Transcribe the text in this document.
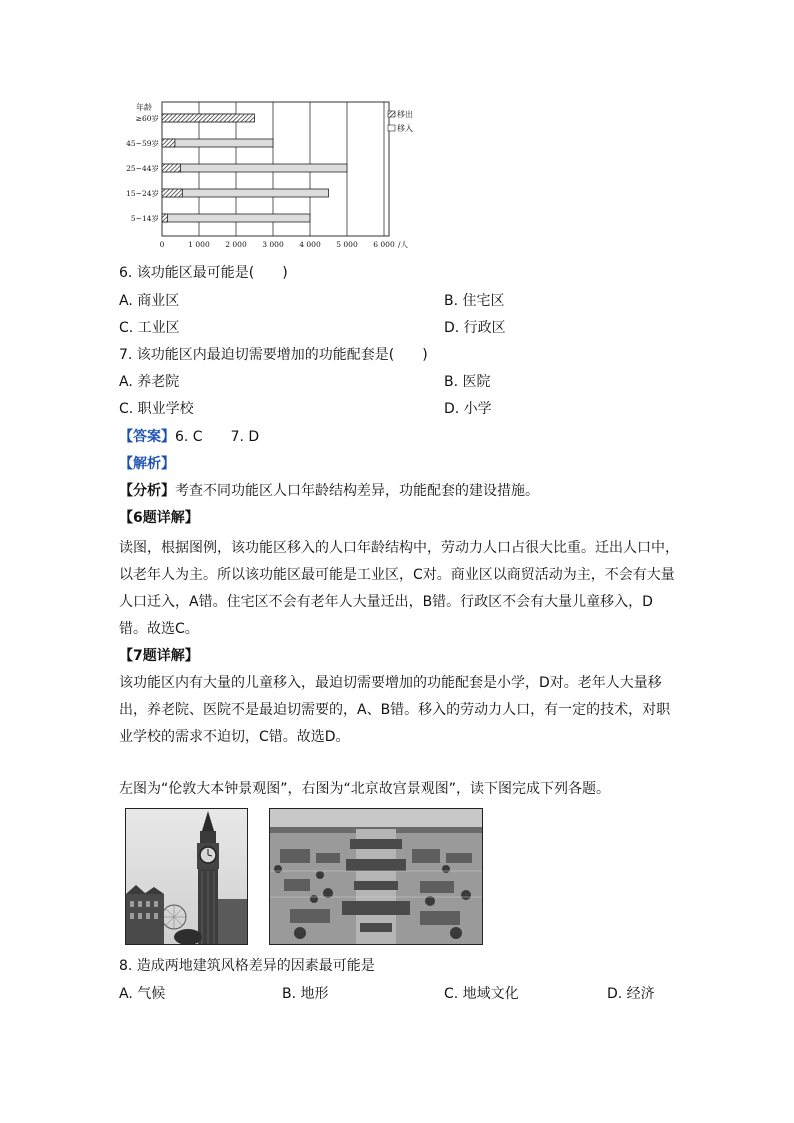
≥60岁
45~59岁
25~44岁
15~24岁
5~14岁
0	1 000 2 000 3 000 4 000 5 000 6 000 /人
年龄
移出
移入
6. 该功能区最可能是(　　)
A. 商业区	B. 住宅区
C. 工业区	D. 行政区
7. 该功能区内最迫切需要增加的功能配套是(　　)
A. 养老院	B. 医院
C. 职业学校	D. 小学
【答案】6. C　　7. D
【解析】
【分析】考查不同功能区人口年龄结构差异，功能配套的建设措施。
【6题详解】
读图，根据图例，该功能区移入的人口年龄结构中，劳动力人口占很大比重。迁出人口中，以老年人为主。所以该功能区最可能是工业区，C对。商业区以商贸活动为主，不会有大量人口迁入，A错。住宅区不会有老年人大量迁出，B错。行政区不会有大量儿童移入，D错。故选C。
【7题详解】
该功能区内有大量的儿童移入，最迫切需要增加的功能配套是小学，D对。老年人大量移出，养老院、医院不是最迫切需要的，A、B错。移入的劳动力人口，有一定的技术，对职业学校的需求不迫切，C错。故选D。
左图为“伦敦大本钟景观图”，右图为“北京故宫景观图”，读下图完成下列各题。
8. 造成两地建筑风格差异的因素最可能是
A. 气候	B. 地形	C. 地域文化	D. 经济
